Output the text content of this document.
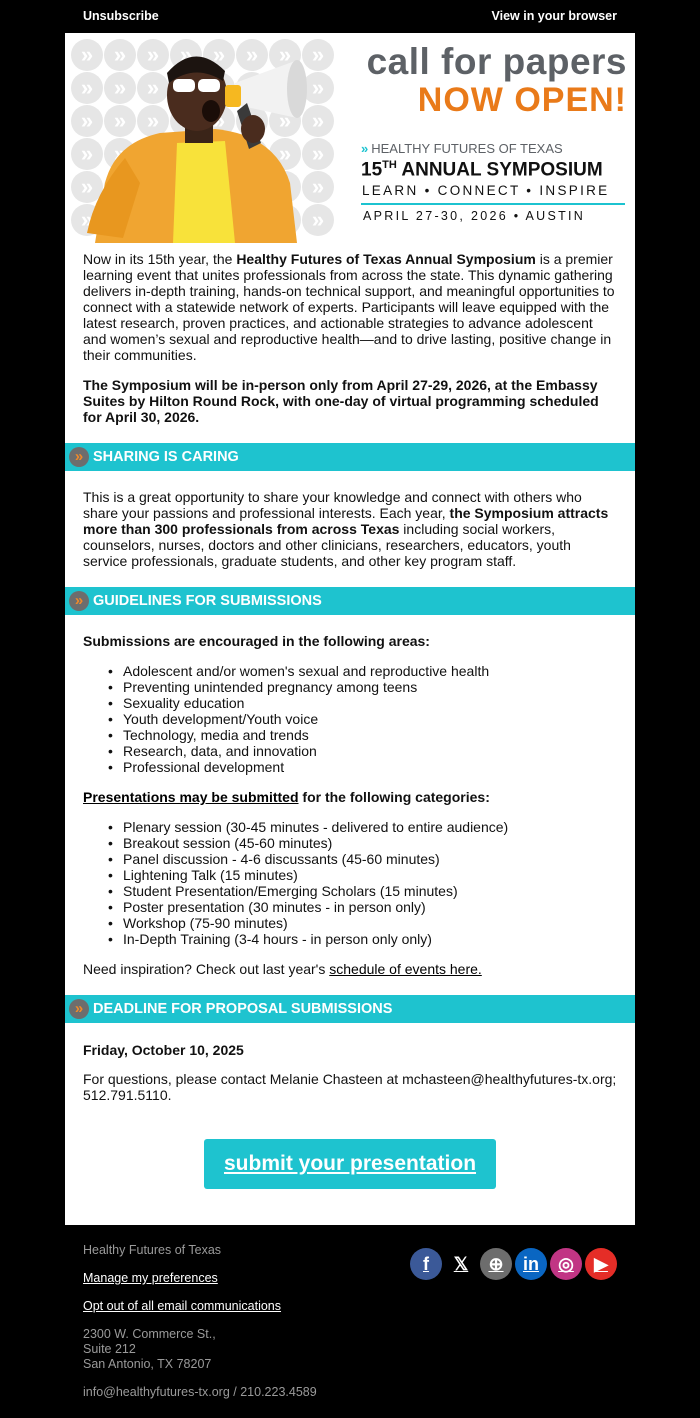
Unsubscribe	View in your browser
»
»
»
»
»
»
»
»
»
»
»
»
»
»
»
»
»
»
»
»
»
»
»
»
»
»
»
»
»
»
»
»
»
»
»
»
»
»
»
»
»
»
»
»
»
»
»
»
call for papers
NOW OPEN!
» HEALTHY FUTURES OF TEXAS
15TH ANNUAL SYMPOSIUM
LEARN • CONNECT • INSPIRE
APRIL 27-30, 2026 • AUSTIN
Now in its 15th year, the Healthy Futures of Texas Annual Symposium is a premier learning event that unites professionals from across the state. This dynamic gathering delivers in-depth training, hands-on technical support, and meaningful opportunities to connect with a statewide network of experts. Participants will leave equipped with the latest research, proven practices, and actionable strategies to advance adolescent and women’s sexual and reproductive health—and to drive lasting, positive change in their communities.
The Symposium will be in-person only from April 27-29, 2026, at the Embassy Suites by Hilton Round Rock, with one-day of virtual programming scheduled for April 30, 2026.
» SHARING IS CARING
This is a great opportunity to share your knowledge and connect with others who share your passions and professional interests. Each year, the Symposium attracts more than 300 professionals from across Texas including social workers, counselors, nurses, doctors and other clinicians, researchers, educators, youth service professionals, graduate students, and other key program staff.
» GUIDELINES FOR SUBMISSIONS
Submissions are encouraged in the following areas:
• Adolescent and/or women's sexual and reproductive health
• Preventing unintended pregnancy among teens
• Sexuality education
• Youth development/Youth voice
• Technology, media and trends
• Research, data, and innovation
• Professional development
Presentations may be submitted for the following categories:
• Plenary session (30-45 minutes - delivered to entire audience)
• Breakout session (45-60 minutes)
• Panel discussion - 4-6 discussants (45-60 minutes)
• Lightening Talk (15 minutes)
• Student Presentation/Emerging Scholars (15 minutes)
• Poster presentation (30 minutes - in person only)
• Workshop (75-90 minutes)
• In-Depth Training (3-4 hours - in person only only)
Need inspiration? Check out last year's schedule of events here.
» DEADLINE FOR PROPOSAL SUBMISSIONS
Friday, October 10, 2025
For questions, please contact Melanie Chasteen at mchasteen@healthyfutures-tx.org; 512.791.5110.
submit your presentation
Healthy Futures of Texas
Manage my preferences
Opt out of all email communications
2300 W. Commerce St.,
Suite 212
San Antonio, TX 78207
info@healthyfutures-tx.org / 210.223.4589
f	𝕏	⊕	in	◎	▶
